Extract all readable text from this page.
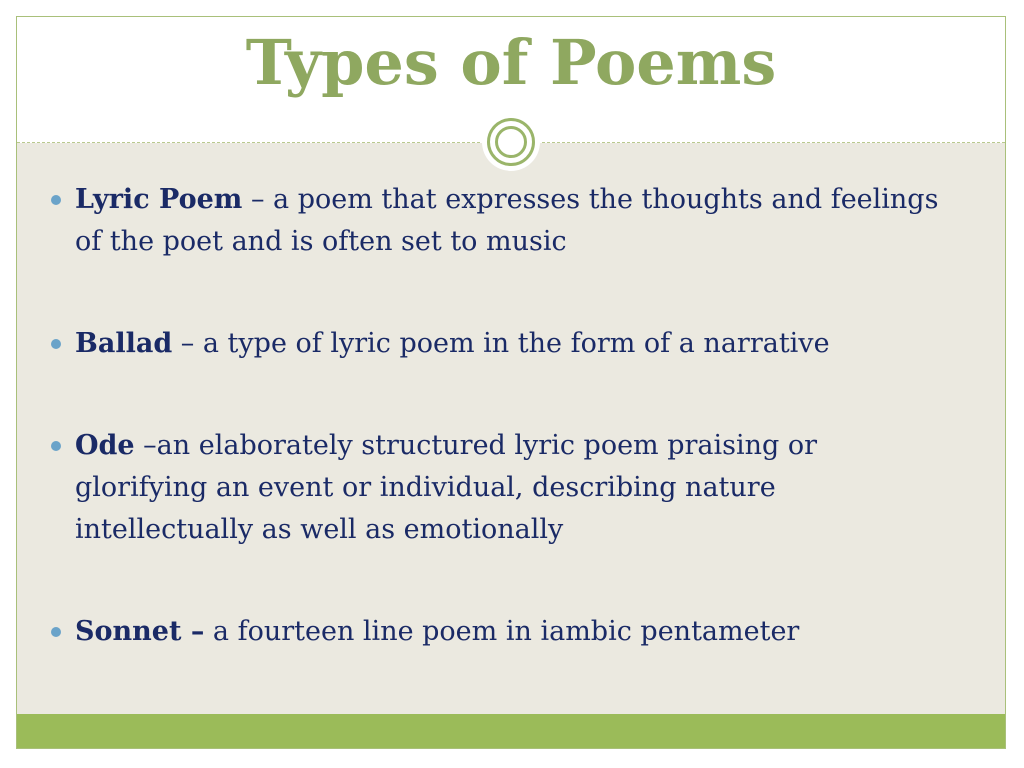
Types of Poems
Lyric Poem – a poem that expresses the thoughts and feelings of the poet and is often set to music
Ballad – a type of lyric poem in the form of a narrative
Ode –an elaborately structured lyric poem praising or glorifying an event or individual, describing nature intellectually as well as emotionally
Sonnet – a fourteen line poem in iambic pentameter
